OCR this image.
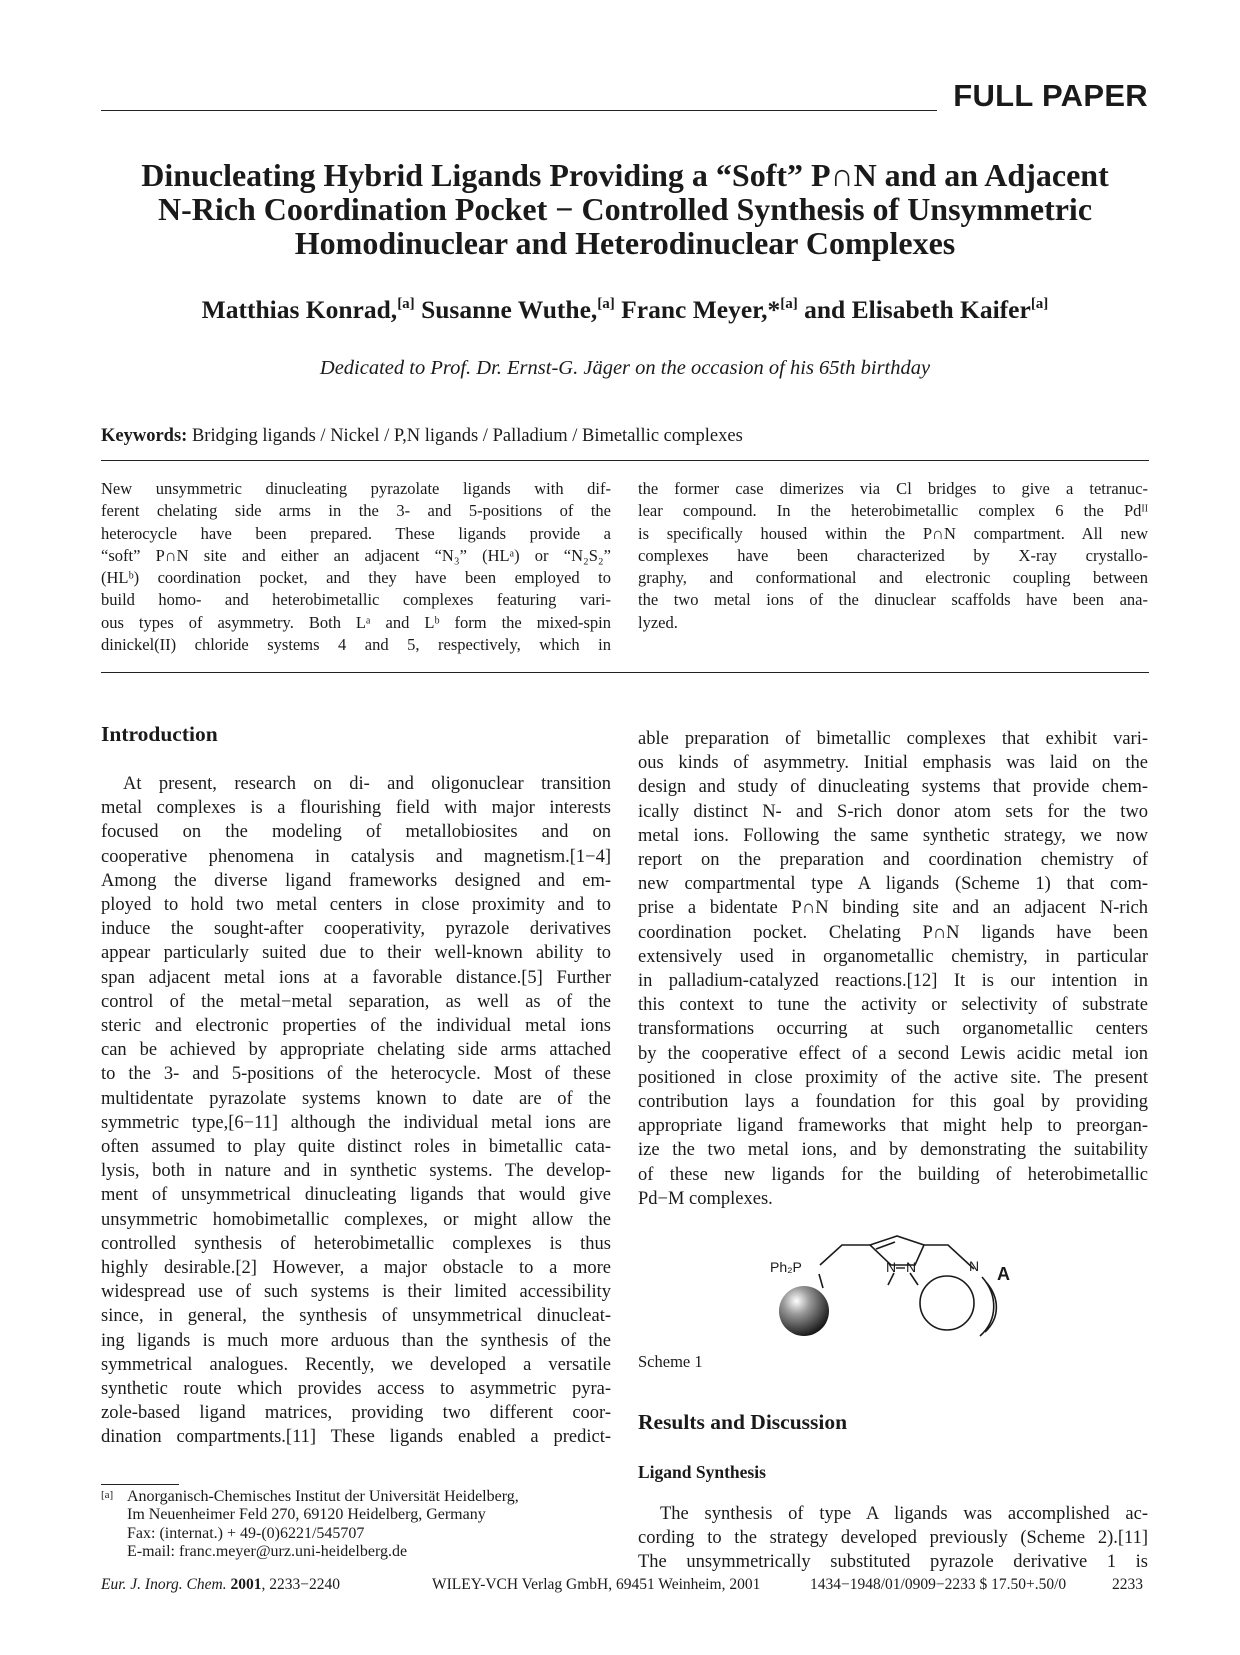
FULL PAPER
Dinucleating Hybrid Ligands Providing a “Soft” P∩N and an Adjacent
N-Rich Coordination Pocket − Controlled Synthesis of Unsymmetric
Homodinuclear and Heterodinuclear Complexes
Matthias Konrad,[a] Susanne Wuthe,[a] Franc Meyer,*[a] and Elisabeth Kaifer[a]
Dedicated to Prof. Dr. Ernst-G. Jäger on the occasion of his 65th birthday
Keywords: Bridging ligands / Nickel / P,N ligands / Palladium / Bimetallic complexes
New unsymmetric dinucleating pyrazolate ligands with dif-
ferent chelating side arms in the 3- and 5-positions of the
heterocycle have been prepared. These ligands provide a
“soft” P∩N site and either an adjacent “N₃” (HLᵃ) or “N₂S₂”
(HLᵇ) coordination pocket, and they have been employed to
build homo- and heterobimetallic complexes featuring vari-
ous types of asymmetry. Both Lᵃ and Lᵇ form the mixed-spin
dinickel(II) chloride systems 4 and 5, respectively, which in
the former case dimerizes via Cl bridges to give a tetranuc-
lear compound. In the heterobimetallic complex 6 the Pdᴵᴵ
is specifically housed within the P∩N compartment. All new
complexes have been characterized by X-ray crystallo-
graphy, and conformational and electronic coupling between
the two metal ions of the dinuclear scaffolds have been ana-
lyzed.
Introduction
At present, research on di- and oligonuclear transition
metal complexes is a flourishing field with major interests
focused on the modeling of metallobiosites and on
cooperative phenomena in catalysis and magnetism.[1−4]
Among the diverse ligand frameworks designed and em-
ployed to hold two metal centers in close proximity and to
induce the sought-after cooperativity, pyrazole derivatives
appear particularly suited due to their well-known ability to
span adjacent metal ions at a favorable distance.[5] Further
control of the metal−metal separation, as well as of the
steric and electronic properties of the individual metal ions
can be achieved by appropriate chelating side arms attached
to the 3- and 5-positions of the heterocycle. Most of these
multidentate pyrazolate systems known to date are of the
symmetric type,[6−11] although the individual metal ions are
often assumed to play quite distinct roles in bimetallic cata-
lysis, both in nature and in synthetic systems. The develop-
ment of unsymmetrical dinucleating ligands that would give
unsymmetric homobimetallic complexes, or might allow the
controlled synthesis of heterobimetallic complexes is thus
highly desirable.[2] However, a major obstacle to a more
widespread use of such systems is their limited accessibility
since, in general, the synthesis of unsymmetrical dinucleat-
ing ligands is much more arduous than the synthesis of the
symmetrical analogues. Recently, we developed a versatile
synthetic route which provides access to asymmetric pyra-
zole-based ligand matrices, providing two different coor-
dination compartments.[11] These ligands enabled a predict-
able preparation of bimetallic complexes that exhibit vari-
ous kinds of asymmetry. Initial emphasis was laid on the
design and study of dinucleating systems that provide chem-
ically distinct N- and S-rich donor atom sets for the two
metal ions. Following the same synthetic strategy, we now
report on the preparation and coordination chemistry of
new compartmental type A ligands (Scheme 1) that com-
prise a bidentate P∩N binding site and an adjacent N-rich
coordination pocket. Chelating P∩N ligands have been
extensively used in organometallic chemistry, in particular
in palladium-catalyzed reactions.[12] It is our intention in
this context to tune the activity or selectivity of substrate
transformations occurring at such organometallic centers
by the cooperative effect of a second Lewis acidic metal ion
positioned in close proximity of the active site. The present
contribution lays a foundation for this goal by providing
appropriate ligand frameworks that might help to preorgan-
ize the two metal ions, and by demonstrating the suitability
of these new ligands for the building of heterobimetallic
Pd−M complexes.
Ph₂P	N N	N A
Scheme 1
Results and Discussion
Ligand Synthesis
The synthesis of type A ligands was accomplished ac-
cording to the strategy developed previously (Scheme 2).[11]
The unsymmetrically substituted pyrazole derivative 1 is
[a] Anorganisch-Chemisches Institut der Universität Heidelberg,
Im Neuenheimer Feld 270, 69120 Heidelberg, Germany
Fax: (internat.) + 49-(0)6221/545707
E-mail: franc.meyer@urz.uni-heidelberg.de
Eur. J. Inorg. Chem. 2001, 2233−2240	WILEY-VCH Verlag GmbH, 69451 Weinheim, 2001	1434−1948/01/0909−2233 $ 17.50+.50/0	2233
